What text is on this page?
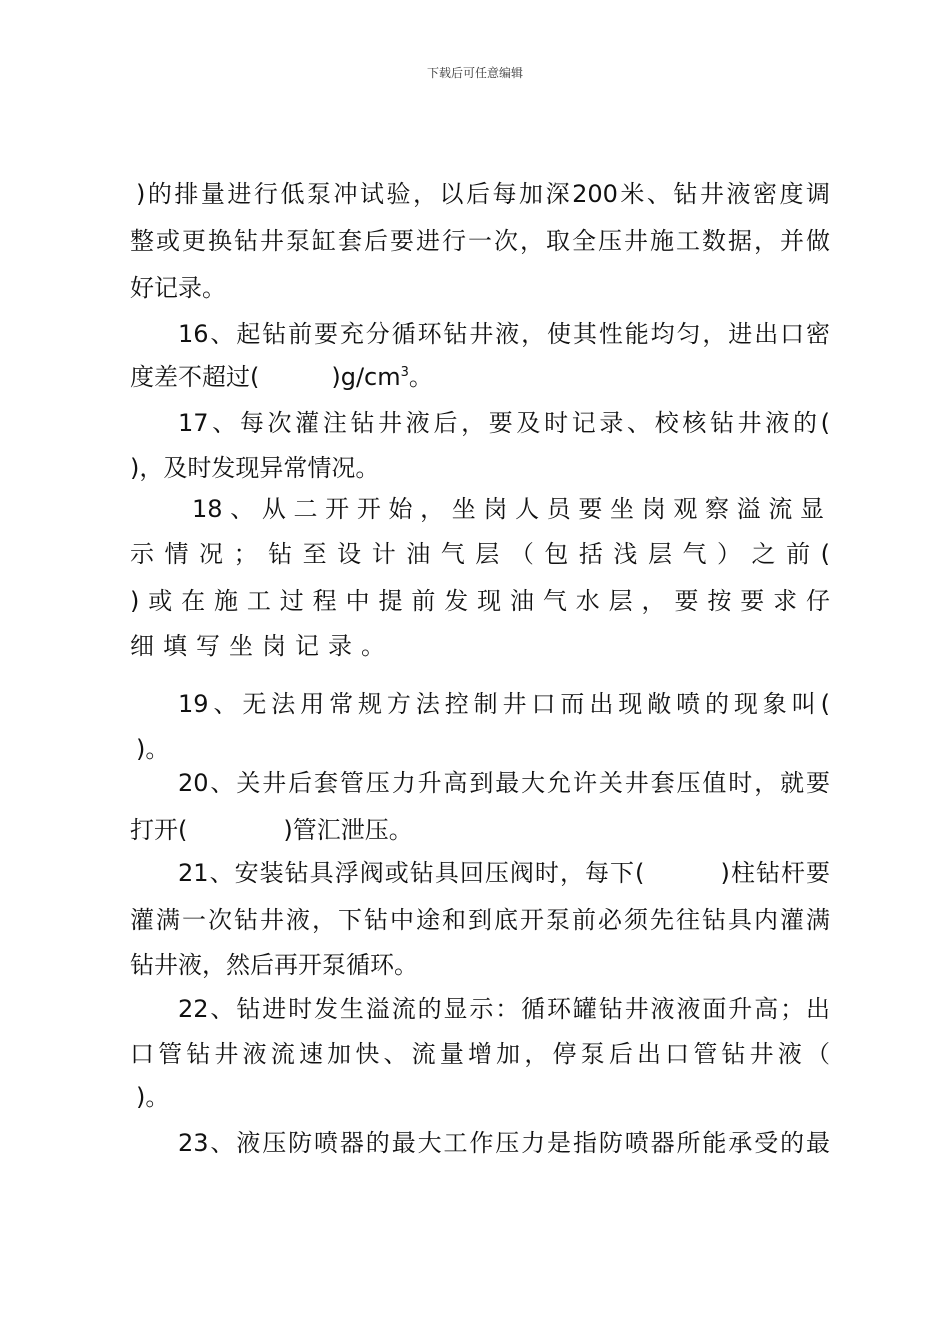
下载后可任意编辑
)的排量进行低泵冲试验，以后每加深200米、钻井液密度调
整或更换钻井泵缸套后要进行一次，取全压井施工数据，并做
好记录。
16、起钻前要充分循环钻井液，使其性能均匀，进出口密
度差不超过(　　　)$g/cm^3$。
17、每次灌注钻井液后，要及时记录、校核钻井液的(
)，及时发现异常情况。
18、从二开开始，坐岗人员要坐岗观察溢流显
示情况；钻至设计油气层（包括浅层气）之前(
)或在施工过程中提前发现油气水层，要按要求仔
细填写坐岗记录。
19、无法用常规方法控制井口而出现敞喷的现象叫(
)。
20、关井后套管压力升高到最大允许关井套压值时，就要
打开(　　　　)管汇泄压。
21、安装钻具浮阀或钻具回压阀时，每下(　　　)柱钻杆要
灌满一次钻井液，下钻中途和到底开泵前必须先往钻具内灌满
钻井液，然后再开泵循环。
22、钻进时发生溢流的显示：循环罐钻井液液面升高；出
口管钻井液流速加快、流量增加，停泵后出口管钻井液（
)。
23、液压防喷器的最大工作压力是指防喷器所能承受的最
